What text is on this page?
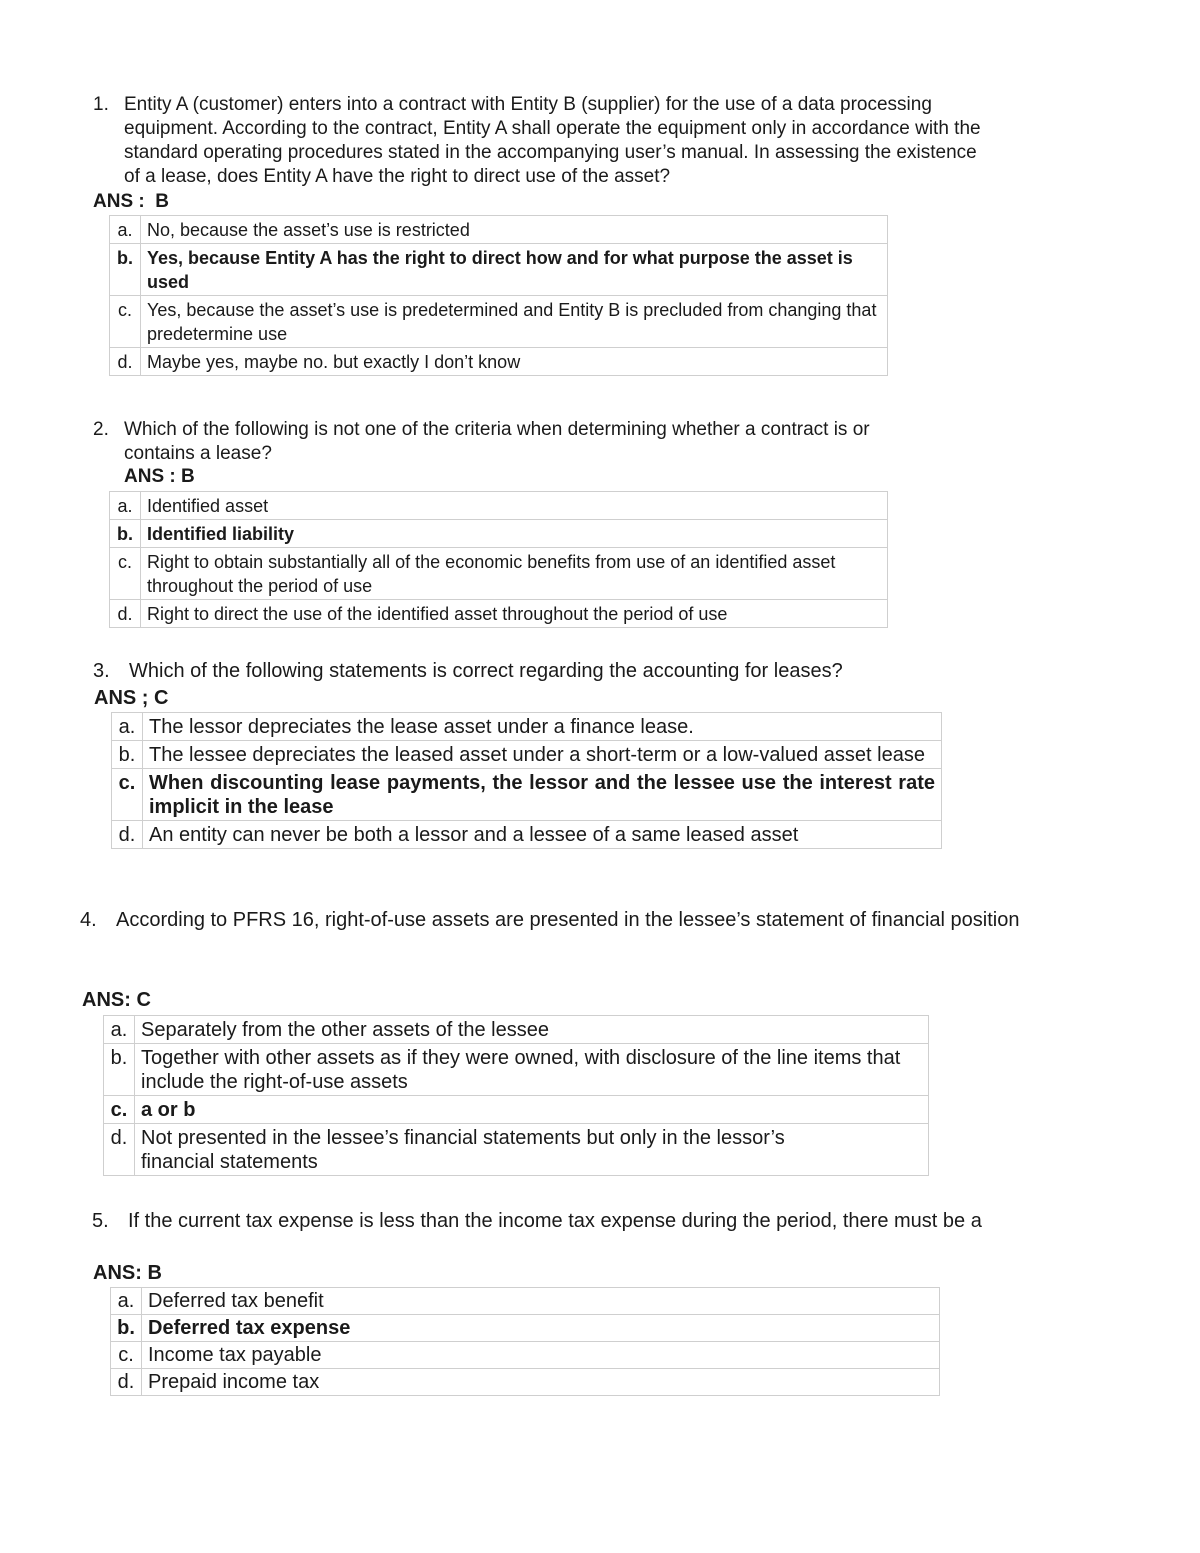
1. Entity A (customer) enters into a contract with Entity B (supplier) for the use of a data processing equipment. According to the contract, Entity A shall operate the equipment only in accordance with the standard operating procedures stated in the accompanying user’s manual. In assessing the existence of a lease, does Entity A have the right to direct use of the asset?
ANS :  B
a.	No, because the asset’s use is restricted
b.	Yes, because Entity A has the right to direct how and for what purpose the asset is used
c.	Yes, because the asset’s use is predetermined and Entity B is precluded from changing that predetermine use
d.	Maybe yes, maybe no. but exactly I don’t know
2. Which of the following is not one of the criteria when determining whether a contract is or contains a lease?
ANS : B
a.	Identified asset
b.	Identified liability
c.	Right to obtain substantially all of the economic benefits from use of an identified asset throughout the period of use
d.	Right to direct the use of the identified asset throughout the period of use
3. Which of the following statements is correct regarding the accounting for leases?
ANS ; C
a.	The lessor depreciates the lease asset under a finance lease.
b.	The lessee depreciates the leased asset under a short-term or a low-valued asset lease
c.	When discounting lease payments, the lessor and the lessee use the interest rate implicit in the lease
d.	An entity can never be both a lessor and a lessee of a same leased asset
4. According to PFRS 16, right-of-use assets are presented in the lessee’s statement of financial position
ANS: C
a.	Separately from the other assets of the lessee
b.	Together with other assets as if they were owned, with disclosure of the line items that include the right-of-use assets
c.	a or b
d.	Not presented in the lessee’s financial statements but only in the lessor’s financial statements
5. If the current tax expense is less than the income tax expense during the period, there must be a
ANS: B
a.	Deferred tax benefit
b.	Deferred tax expense
c.	Income tax payable
d.	Prepaid income tax
